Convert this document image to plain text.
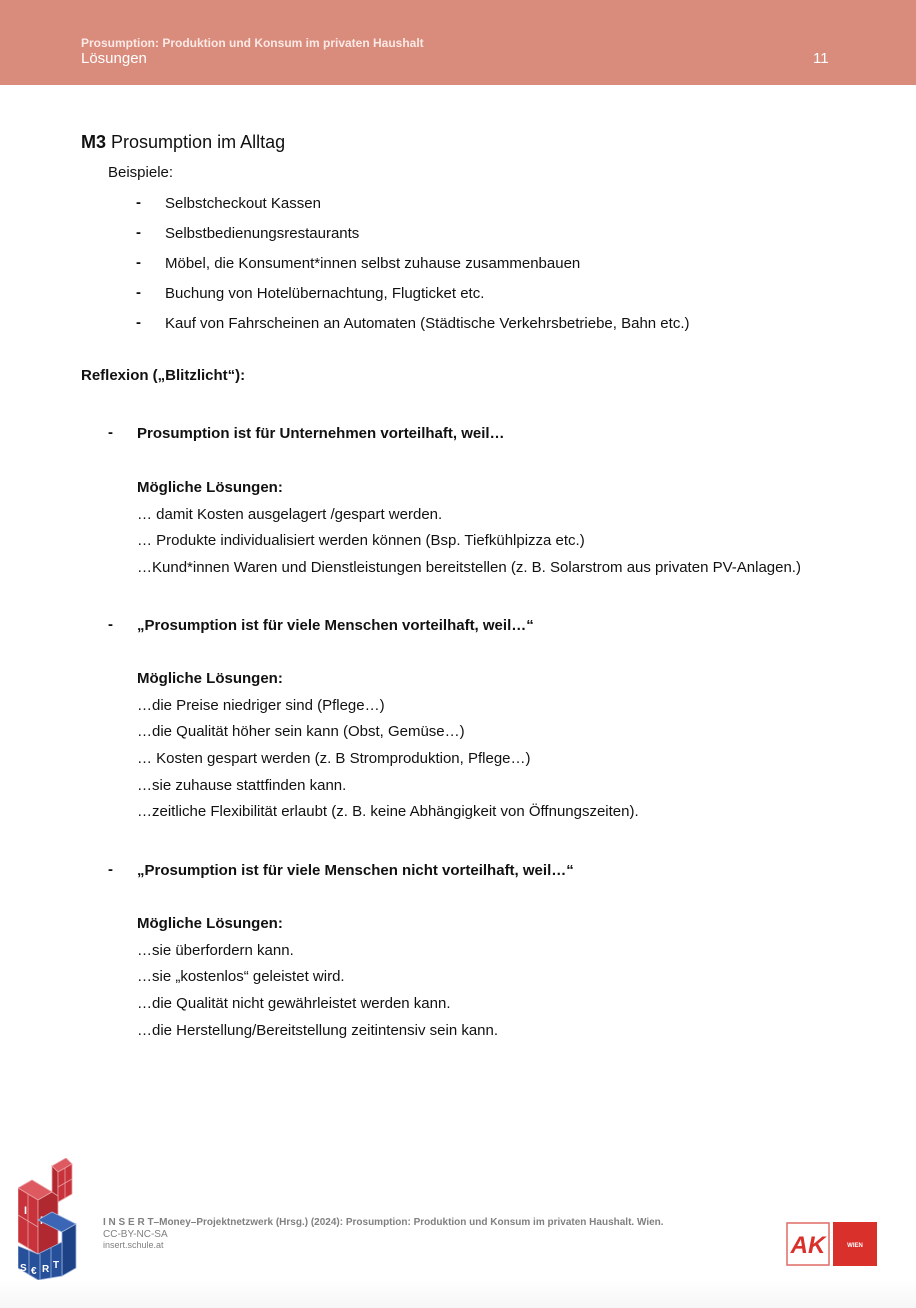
Prosumption: Produktion und Konsum im privaten Haushalt
Lösungen	11
M3 Prosumption im Alltag
Beispiele:
- Selbstcheckout Kassen
- Selbstbedienungsrestaurants
- Möbel, die Konsument*innen selbst zuhause zusammenbauen
- Buchung von Hotelübernachtung, Flugticket etc.
- Kauf von Fahrscheinen an Automaten (Städtische Verkehrsbetriebe, Bahn etc.)
Reflexion („Blitzlicht“):
- Prosumption ist für Unternehmen vorteilhaft, weil…
Mögliche Lösungen:
… damit Kosten ausgelagert /gespart werden.
… Produkte individualisiert werden können (Bsp. Tiefkühlpizza etc.)
…Kund*innen Waren und Dienstleistungen bereitstellen (z. B. Solarstrom aus privaten PV-Anlagen.)
- „Prosumption ist für viele Menschen vorteilhaft, weil…“
Mögliche Lösungen:
…die Preise niedriger sind (Pflege…)
…die Qualität höher sein kann (Obst, Gemüse…)
… Kosten gespart werden (z. B Stromproduktion, Pflege…)
…sie zuhause stattfinden kann.
…zeitliche Flexibilität erlaubt (z. B. keine Abhängigkeit von Öffnungszeiten).
- „Prosumption ist für viele Menschen nicht vorteilhaft, weil…“
Mögliche Lösungen:
…sie überfordern kann.
…sie „kostenlos“ geleistet wird.
…die Qualität nicht gewährleistet werden kann.
…die Herstellung/Bereitstellung zeitintensiv sein kann.
I
S € R T
I N S E R T–Money–Projektnetzwerk (Hrsg.) (2024): Prosumption: Produktion und Konsum im privaten Haushalt. Wien.
CC-BY-NC-SA
insert.schule.at	AK	WIEN
